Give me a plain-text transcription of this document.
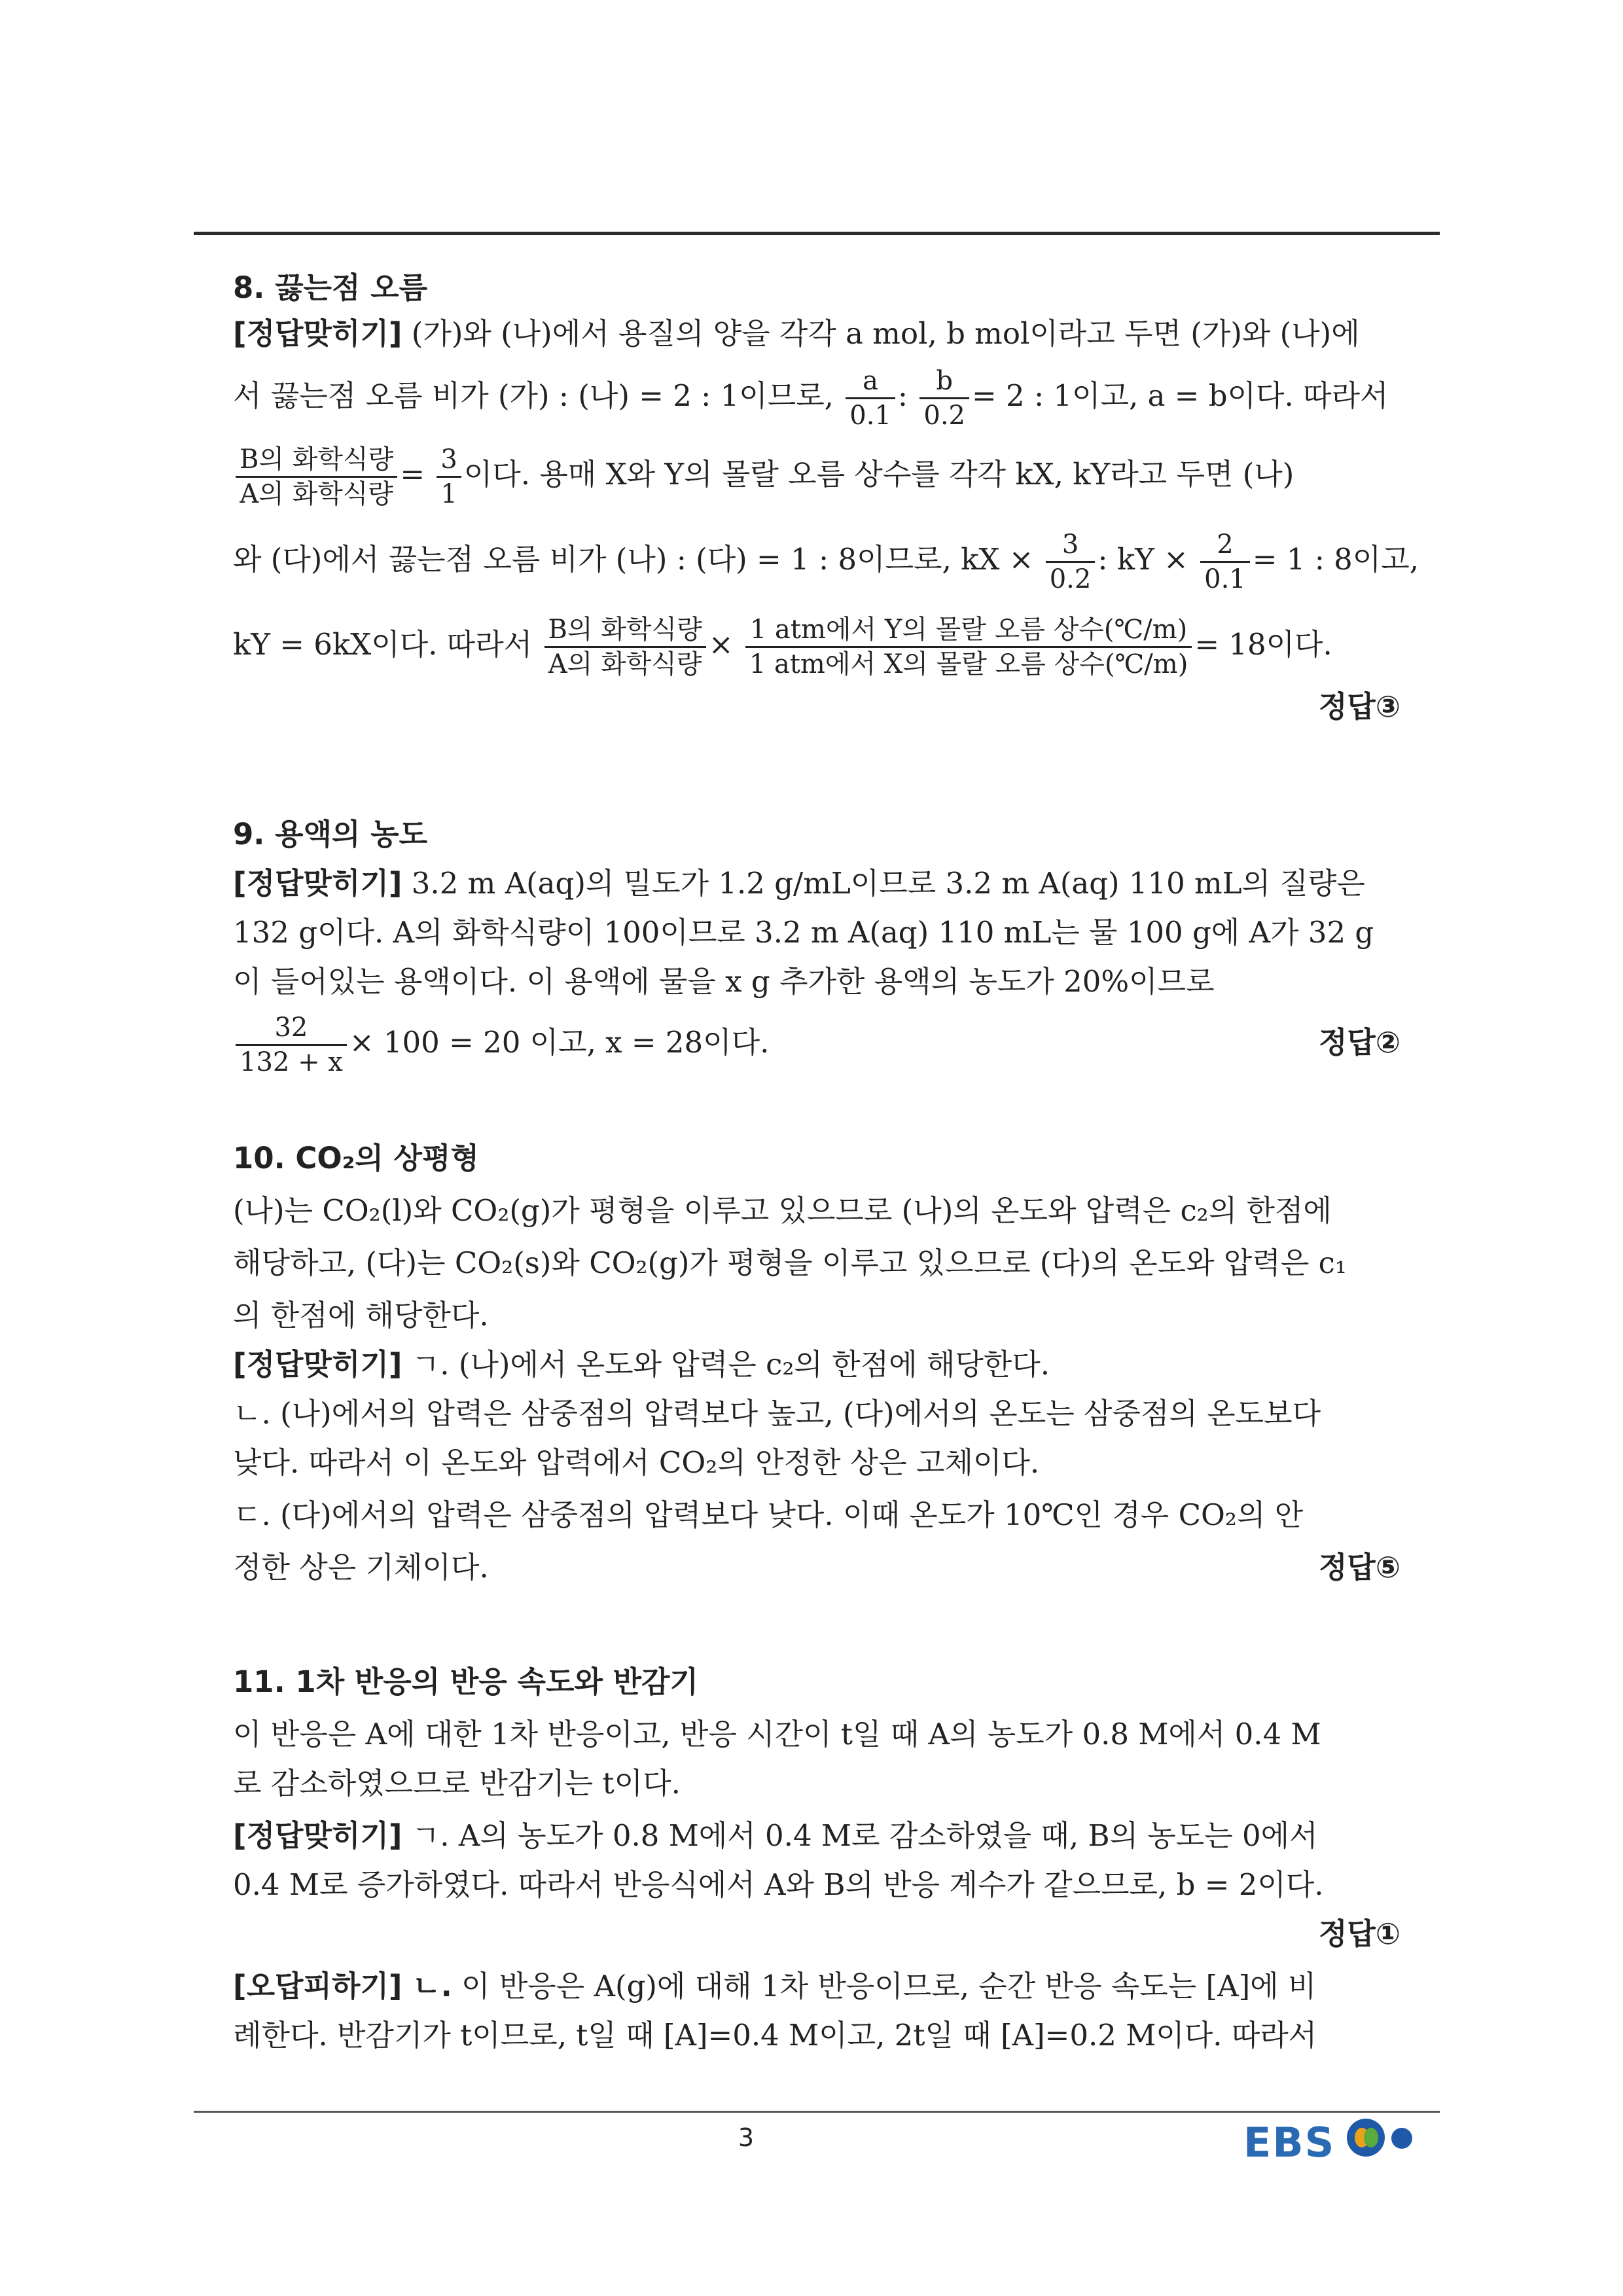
8. 끓는점 오름
[정답맞히기] (가)와 (나)에서 용질의 양을 각각 a mol, b mol이라고 두면 (가)와 (나)에
서 끓는점 오름 비가 (가) : (나) = 2 : 1이므로, $\frac{a}{0.1}$ : $\frac{b}{0.2} = 2$ : 1이고, a = b이다. 따라서
$\frac{\text{B의 화학식량}}{\text{A의 화학식량}} = \frac{3}{1}$ 이다. 용매 X와 Y의 몰랄 오름 상수를 각각 kX, kY라고 두면 (나)
와 (다)에서 끓는점 오름 비가 (나) : (다) = 1 : 8이므로, kX × $\frac{3}{0.2}$ : kY × $\frac{2}{0.1} = 1$ : 8이고,
kY = 6kX이다. 따라서 $\frac{\text{B의 화학식량}}{\text{A의 화학식량}} \times \frac{\text{1 atm에서 Y의 몰랄 오름 상수(℃/m)}}{\text{1 atm에서 X의 몰랄 오름 상수(℃/m)}} = 18$이다.
정답③
9. 용액의 농도
[정답맞히기] 3.2 m A(aq)의 밀도가 1.2 g/mL이므로 3.2 m A(aq) 110 mL의 질량은
132 g이다. A의 화학식량이 100이므로 3.2 m A(aq) 110 mL는 물 100 g에 A가 32 g
이 들어있는 용액이다. 이 용액에 물을 x g 추가한 용액의 농도가 20%이므로
$\frac{32}{132 + x} \times 100 = 20$ 이고, x = 28이다.	정답②
10. CO₂의 상평형
(나)는 CO₂(l)와 CO₂(g)가 평형을 이루고 있으므로 (나)의 온도와 압력은 c₂의 한점에
해당하고, (다)는 CO₂(s)와 CO₂(g)가 평형을 이루고 있으므로 (다)의 온도와 압력은 c₁
의 한점에 해당한다.
[정답맞히기] ㄱ. (나)에서 온도와 압력은 c₂의 한점에 해당한다.
ㄴ. (나)에서의 압력은 삼중점의 압력보다 높고, (다)에서의 온도는 삼중점의 온도보다
낮다. 따라서 이 온도와 압력에서 CO₂의 안정한 상은 고체이다.
ㄷ. (다)에서의 압력은 삼중점의 압력보다 낮다. 이때 온도가 10℃인 경우 CO₂의 안
정한 상은 기체이다.	정답⑤
11. 1차 반응의 반응 속도와 반감기
이 반응은 A에 대한 1차 반응이고, 반응 시간이 t일 때 A의 농도가 0.8 M에서 0.4 M
로 감소하였으므로 반감기는 t이다.
[정답맞히기] ㄱ. A의 농도가 0.8 M에서 0.4 M로 감소하였을 때, B의 농도는 0에서
0.4 M로 증가하였다. 따라서 반응식에서 A와 B의 반응 계수가 같으므로, b = 2이다.
정답①
[오답피하기] ㄴ. 이 반응은 A(g)에 대해 1차 반응이므로, 순간 반응 속도는 [A]에 비
례한다. 반감기가 t이므로, t일 때 [A]=0.4 M이고, 2t일 때 [A]=0.2 M이다. 따라서
3	EBS
